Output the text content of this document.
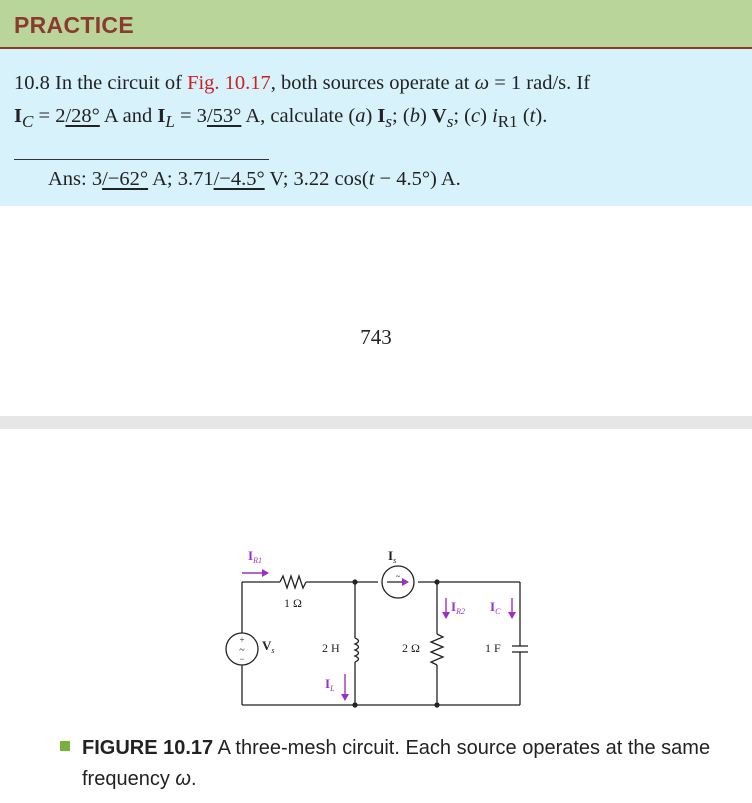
PRACTICE
10.8 In the circuit of Fig. 10.17, both sources operate at ω = 1 rad/s. If
$I_C = 2/28^\circ$ A and $I_L = 3/53^\circ$ A, calculate (a) $I_s$; (b) $V_s$; (c) $i_{R1}$ (t).
Ans: 3/−62° A; 3.71/−4.5° V; 3.22 cos(t − 4.5°) A.
743
+
~
−
~
$I_{R1}$	$I_s$
1 Ω
$V_s$	2 H	2 Ω	1 F
$I_{R2}$ $I_C$
$I_L$
FIGURE 10.17 A three-mesh circuit. Each source operates at the same frequency ω.
